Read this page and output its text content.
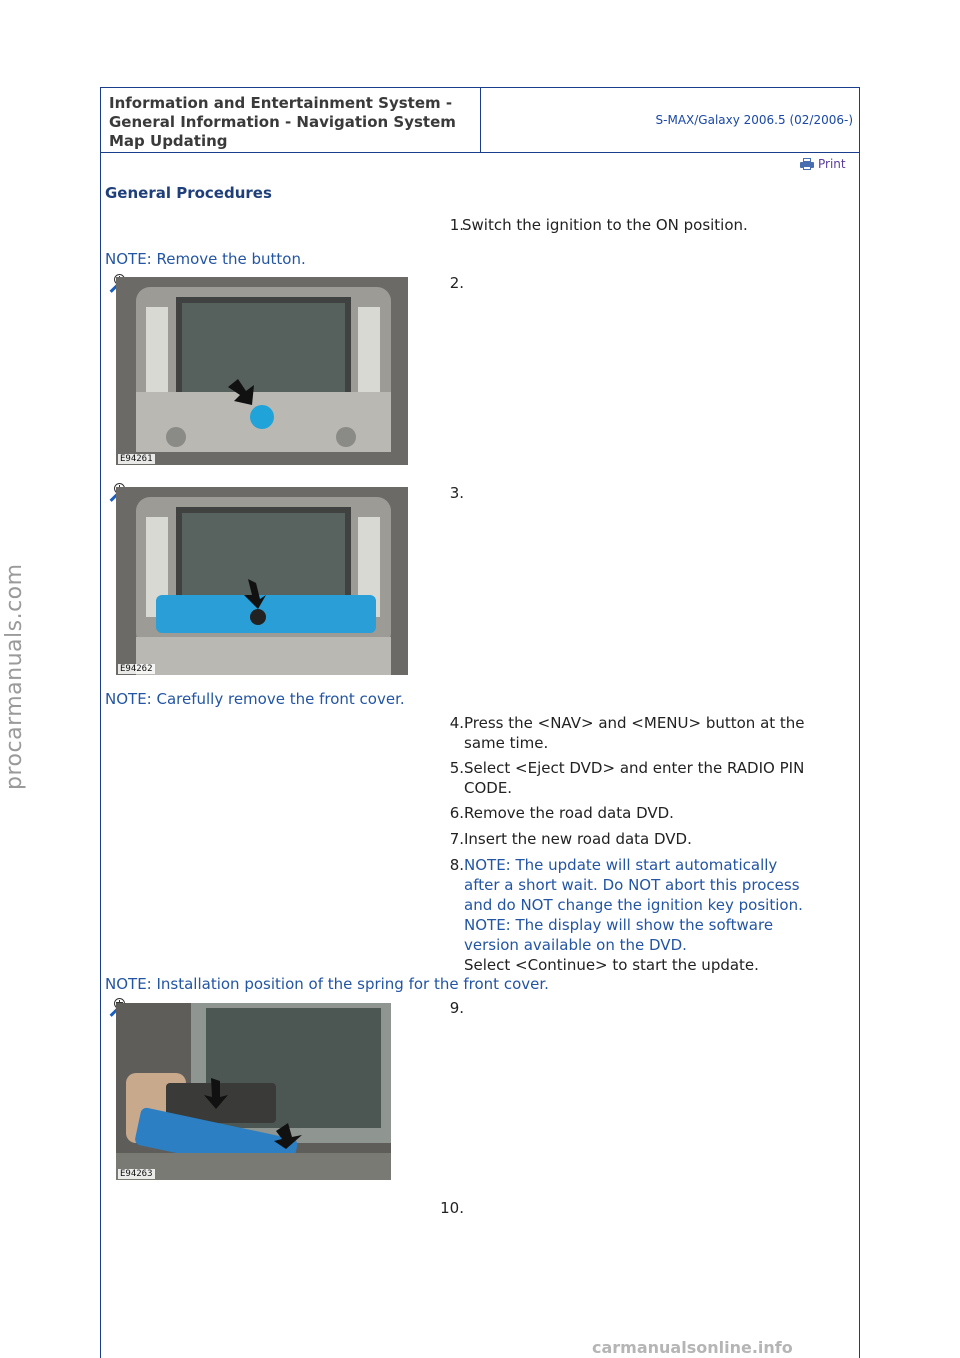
Information and Entertainment System -
General Information - Navigation System
Map Updating
S-MAX/Galaxy 2006.5 (02/2006-)
Print
General Procedures
1.
Switch the ignition to the ON position.
NOTE: Remove the button.
E94261
2.
E94262
3.
NOTE: Carefully remove the front cover.
4. Press the <NAV> and <MENU> button at the
same time.
5. Select <Eject DVD> and enter the RADIO PIN
CODE.
6. Remove the road data DVD.
7. Insert the new road data DVD.
8. NOTE: The update will start automatically
after a short wait. Do NOT abort this process
and do NOT change the ignition key position.
NOTE: The display will show the software
version available on the DVD.
Select <Continue> to start the update.
NOTE: Installation position of the spring for the front cover.
E94263
9.
10.
procarmanuals.com
carmanualsonline.info
